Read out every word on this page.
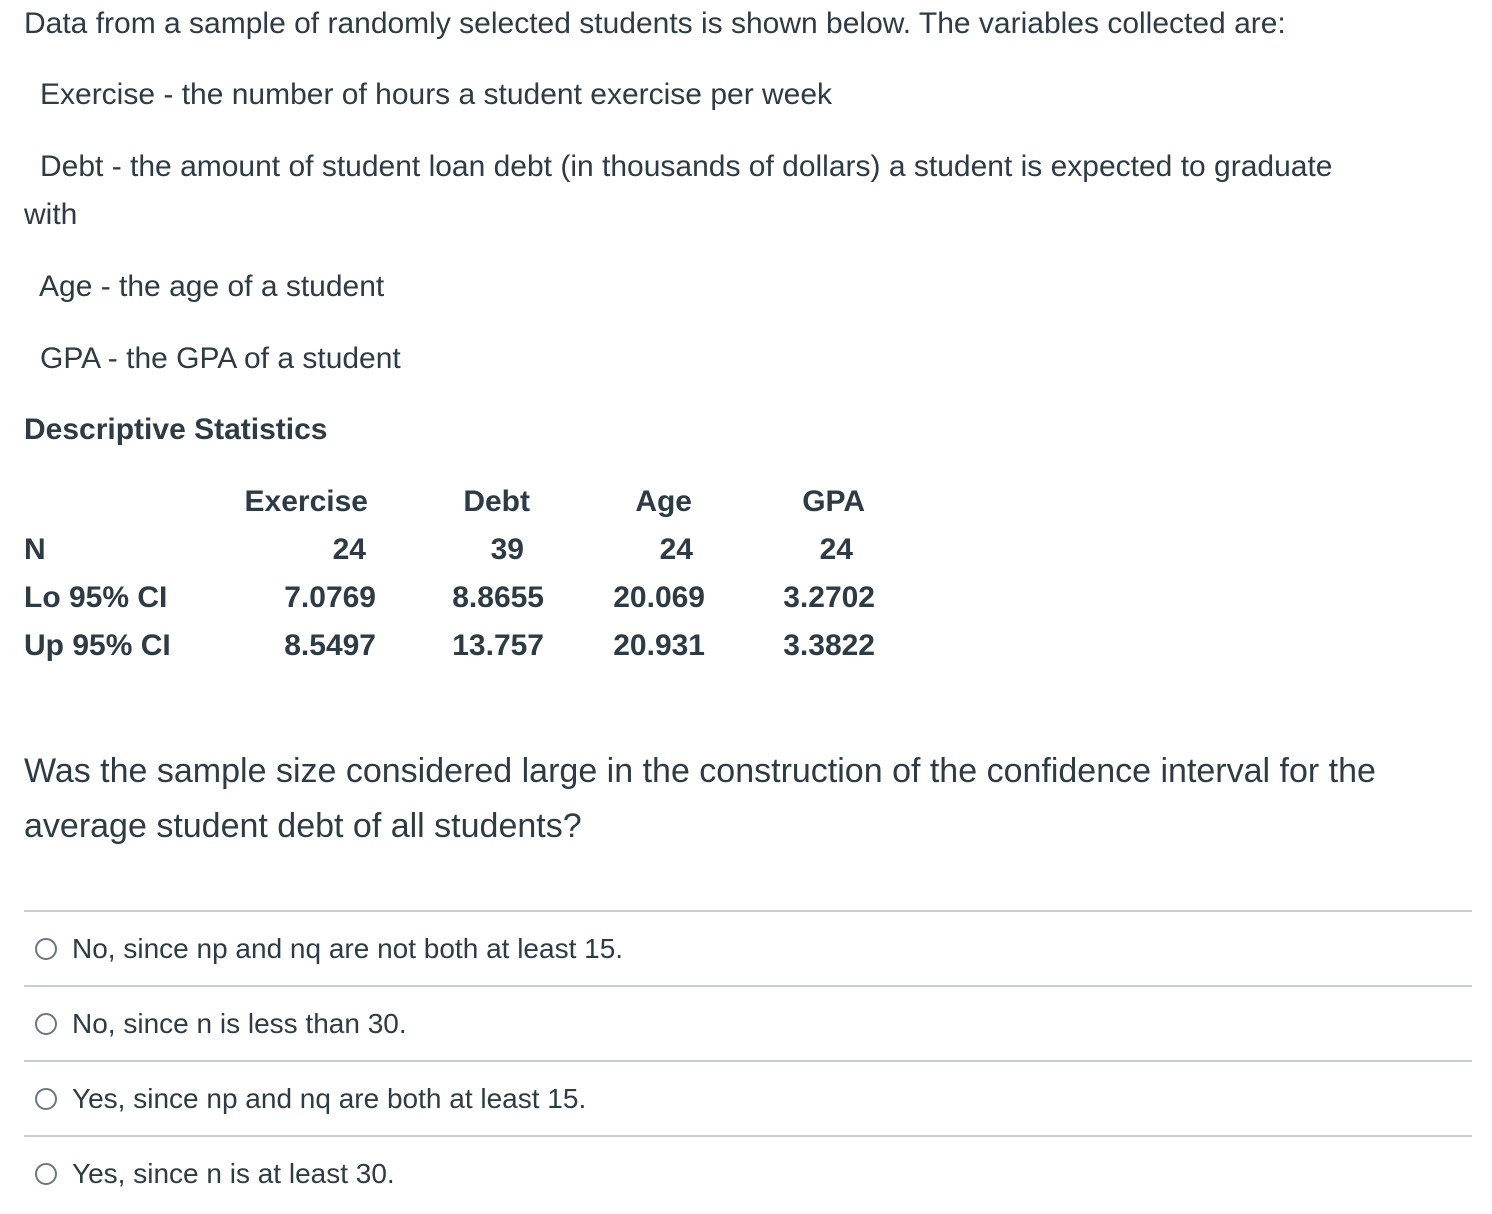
Data from a sample of randomly selected students is shown below. The variables collected are:
Exercise - the number of hours a student exercise per week
Debt - the amount of student loan debt (in thousands of dollars) a student is expected to graduate
with
Age - the age of a student
GPA - the GPA of a student
Descriptive Statistics
	Exercise	Debt	Age	GPA
N	24	39	24	24
Lo 95% CI	7.0769	8.8655	20.069	3.2702
Up 95% CI	8.5497	13.757	20.931	3.3822
Was the sample size considered large in the construction of the confidence interval for the average student debt of all students?
No, since np and nq are not both at least 15.
No, since n is less than 30.
Yes, since np and nq are both at least 15.
Yes, since n is at least 30.
